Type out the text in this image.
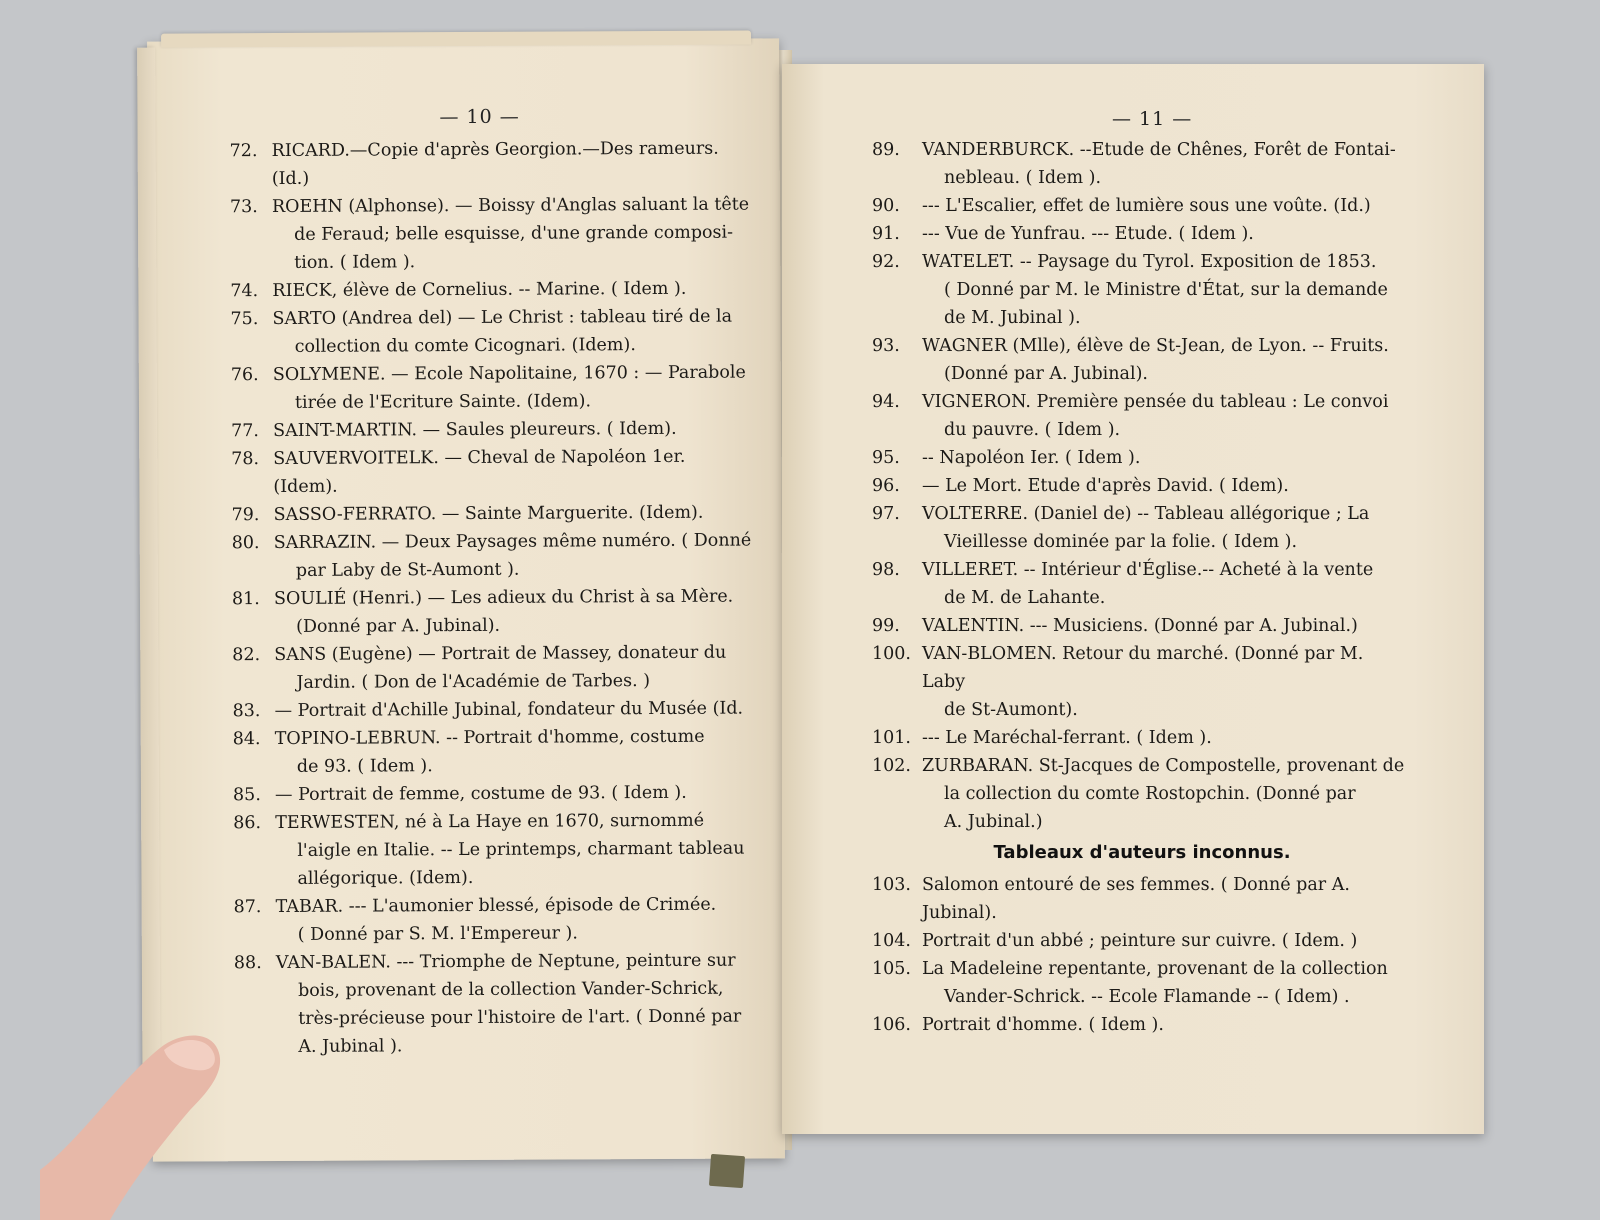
— 10 —
72. RICARD.—Copie d'après Georgion.—Des rameurs.(Id.)
73. ROEHN (Alphonse). — Boissy d'Anglas saluant la tête
de Feraud; belle esquisse, d'une grande composi-
tion. ( Idem ).
74. RIECK, élève de Cornelius. -- Marine. ( Idem ).
75. SARTO (Andrea del) — Le Christ : tableau tiré de la
collection du comte Cicognari. (Idem).
76. SOLYMENE. — Ecole Napolitaine, 1670 : — Parabole
tirée de l'Ecriture Sainte. (Idem).
77. SAINT-MARTIN. — Saules pleureurs. ( Idem).
78. SAUVERVOITELK. — Cheval de Napoléon 1er. (Idem).
79. SASSO-FERRATO. — Sainte Marguerite. (Idem).
80. SARRAZIN. — Deux Paysages même numéro. ( Donné
par Laby de St-Aumont ).
81. SOULIÉ (Henri.) — Les adieux du Christ à sa Mère.
(Donné par A. Jubinal).
82. SANS (Eugène) — Portrait de Massey, donateur du
Jardin. ( Don de l'Académie de Tarbes. )
83. — Portrait d'Achille Jubinal, fondateur du Musée (Id.
84. TOPINO-LEBRUN. -- Portrait d'homme, costume
de 93. ( Idem ).
85. — Portrait de femme, costume de 93. ( Idem ).
86. TERWESTEN, né à La Haye en 1670, surnommé
l'aigle en Italie. -- Le printemps, charmant tableau
allégorique. (Idem).
87. TABAR. --- L'aumonier blessé, épisode de Crimée.
( Donné par S. M. l'Empereur ).
88. VAN-BALEN. --- Triomphe de Neptune, peinture sur
bois, provenant de la collection Vander-Schrick,
très-précieuse pour l'histoire de l'art. ( Donné par
A. Jubinal ).
— 11 —
89.	VANDERBURCK. --Etude de Chênes, Forêt de Fontai-
nebleau. ( Idem ).
90.	--- L'Escalier, effet de lumière sous une voûte. (Id.)
91.	--- Vue de Yunfrau. --- Etude. ( Idem ).
92.	WATELET. -- Paysage du Tyrol. Exposition de 1853.
( Donné par M. le Ministre d'État, sur la demande
de M. Jubinal ).
93.	WAGNER (Mlle), élève de St-Jean, de Lyon. -- Fruits.
(Donné par A. Jubinal).
94.	VIGNERON. Première pensée du tableau : Le convoi
du pauvre. ( Idem ).
95.	-- Napoléon Ier. ( Idem ).
96.	— Le Mort. Etude d'après David. ( Idem).
97.	VOLTERRE. (Daniel de) -- Tableau allégorique ; La
Vieillesse dominée par la folie. ( Idem ).
98.	VILLERET. -- Intérieur d'Église.-- Acheté à la vente
de M. de Lahante.
99.	VALENTIN. --- Musiciens. (Donné par A. Jubinal.)
100. VAN-BLOMEN. Retour du marché. (Donné par M. Laby
de St-Aumont).
101. --- Le Maréchal-ferrant. ( Idem ).
102. ZURBARAN. St-Jacques de Compostelle, provenant de
la collection du comte Rostopchin. (Donné par
A. Jubinal.)
Tableaux d'auteurs inconnus.
103. Salomon entouré de ses femmes. ( Donné par A. Jubinal).
104. Portrait d'un abbé ; peinture sur cuivre. ( Idem. )
105. La Madeleine repentante, provenant de la collection
Vander-Schrick. -- Ecole Flamande -- ( Idem) .
106. Portrait d'homme. ( Idem ).
